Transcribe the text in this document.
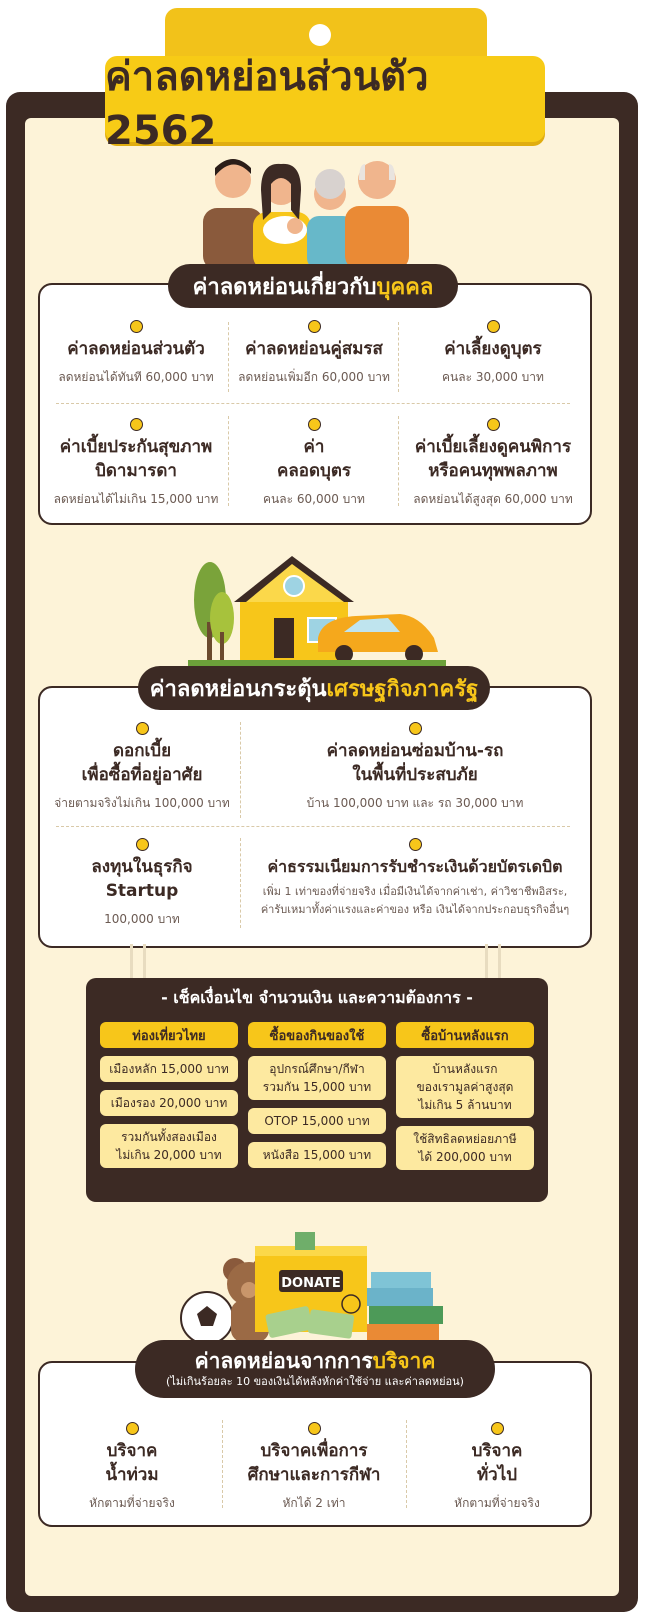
ค่าลดหย่อนส่วนตัว 2562
ค่าลดหย่อนเกี่ยวกับ บุคคล
ค่าลดหย่อนส่วนตัว
ลดหย่อนได้ทันที 60,000 บาท
ค่าลดหย่อนคู่สมรส
ลดหย่อนเพิ่มอีก 60,000 บาท
ค่าเลี้ยงดูบุตร
คนละ 30,000 บาท
ค่าเบี้ยประกันสุขภาพ
บิดามารดา
ลดหย่อนได้ไม่เกิน 15,000 บาท
ค่า
คลอดบุตร
คนละ 60,000 บาท
ค่าเบี้ยเลี้ยงดูคนพิการ
หรือคนทุพพลภาพ
ลดหย่อนได้สูงสุด 60,000 บาท
ค่าลดหย่อนกระตุ้น เศรษฐกิจภาครัฐ
ดอกเบี้ย
เพื่อซื้อที่อยู่อาศัย
จ่ายตามจริงไม่เกิน 100,000 บาท
ค่าลดหย่อนซ่อมบ้าน-รถ
ในพื้นที่ประสบภัย
บ้าน 100,000 บาท และ รถ 30,000 บาท
ลงทุนในธุรกิจ
Startup
100,000 บาท
ค่าธรรมเนียมการรับชำระเงินด้วยบัตรเดบิต
เพิ่ม 1 เท่าของที่จ่ายจริง เมื่อมีเงินได้จากค่าเช่า, ค่าวิชาชีพอิสระ,
ค่ารับเหมาทั้งค่าแรงและค่าของ หรือ เงินได้จากประกอบธุรกิจอื่นๆ
- เช็คเงื่อนไข จำนวนเงิน และความต้องการ -
ท่องเที่ยวไทย
เมืองหลัก 15,000 บาท
เมืองรอง 20,000 บาท
รวมกันทั้งสองเมือง
ไม่เกิน 20,000 บาท
ซื้อของกินของใช้
อุปกรณ์ศึกษา/กีฬา
รวมกัน 15,000 บาท
OTOP 15,000 บาท
หนังสือ 15,000 บาท
ซื้อบ้านหลังแรก
บ้านหลังแรก
ของเรามูลค่าสูงสุด
ไม่เกิน 5 ล้านบาท
ใช้สิทธิลดหย่อยภาษี
ได้ 200,000 บาท
DONATE
ค่าลดหย่อนจากการบริจาค
(ไม่เกินร้อยละ 10 ของเงินได้หลังหักค่าใช้จ่าย และค่าลดหย่อน)
บริจาค
น้ำท่วม
หักตามที่จ่ายจริง
บริจาคเพื่อการ
ศึกษาและการกีฬา
หักได้ 2 เท่า
บริจาค
ทั่วไป
หักตามที่จ่ายจริง
